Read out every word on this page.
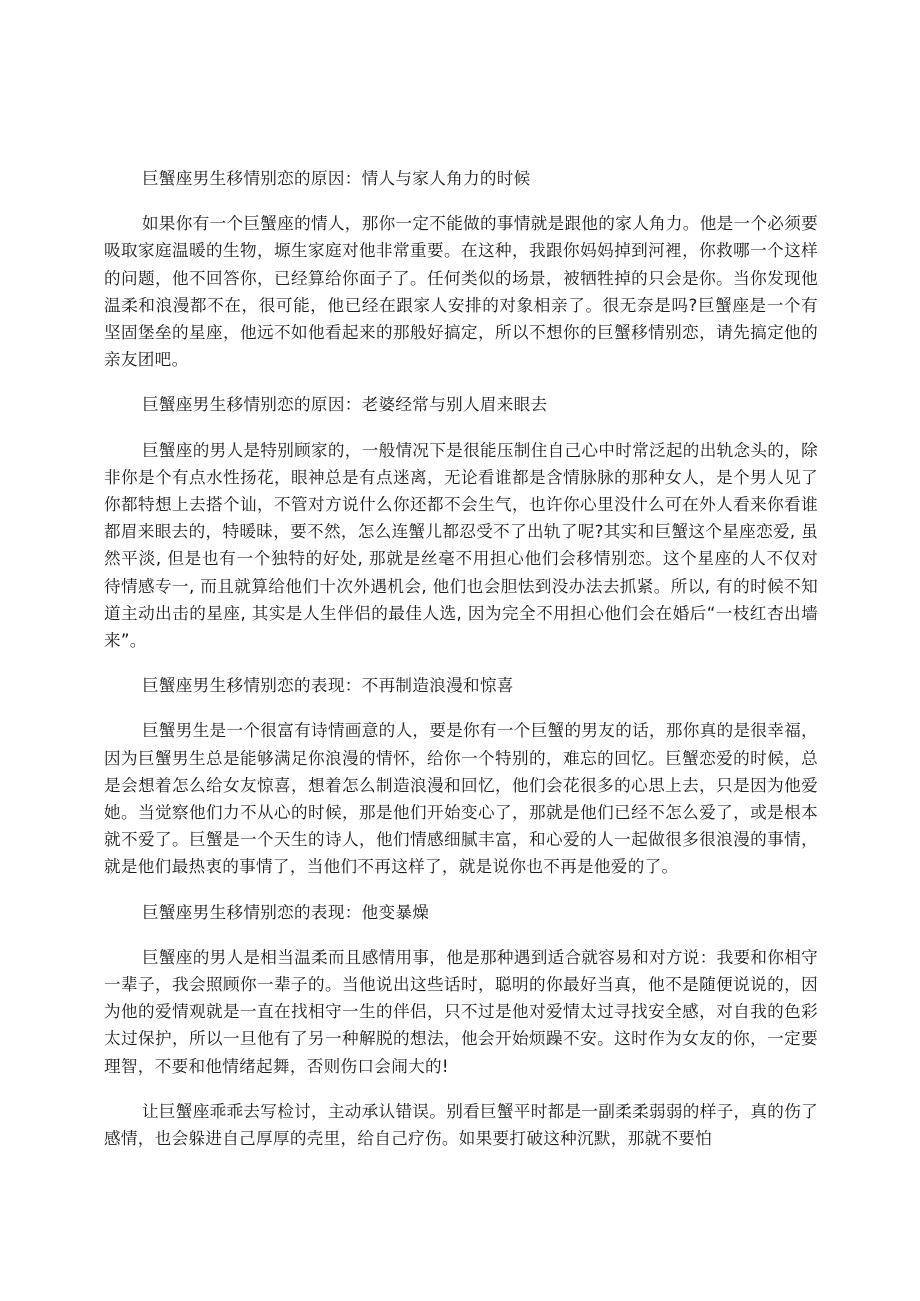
巨蟹座男生移情别恋的原因：情人与家人角力的时候

如果你有一个巨蟹座的情人，那你一定不能做的事情就是跟他的家人角力。他是一个必须要吸取家庭温暖的生物，塬生家庭对他非常重要。在这种，我跟你妈妈掉到河裡，你救哪一个这样的问题，他不回答你，已经算给你面子了。任何类似的场景，被牺牲掉的只会是你。当你发现他温柔和浪漫都不在，很可能，他已经在跟家人安排的对象相亲了。很无奈是吗?巨蟹座是一个有坚固堡垒的星座，他远不如他看起来的那般好搞定，所以不想你的巨蟹移情别恋，请先搞定他的亲友团吧。

巨蟹座男生移情别恋的原因：老婆经常与别人眉来眼去

巨蟹座的男人是特别顾家的，一般情况下是很能压制住自己心中时常泛起的出轨念头的，除非你是个有点水性扬花，眼神总是有点迷离，无论看谁都是含情脉脉的那种女人，是个男人见了你都特想上去搭个讪，不管对方说什么你还都不会生气，也许你心里没什么可在外人看来你看谁都眉来眼去的，特暖昧，要不然，怎么连蟹儿都忍受不了出轨了呢?其实和巨蟹这个星座恋爱, 虽然平淡, 但是也有一个独特的好处, 那就是丝毫不用担心他们会移情别恋。这个星座的人不仅对待情感专一, 而且就算给他们十次外遇机会, 他们也会胆怯到没办法去抓紧。所以, 有的时候不知道主动出击的星座, 其实是人生伴侣的最佳人选, 因为完全不用担心他们会在婚后“一枝红杏出墙来”。

巨蟹座男生移情别恋的表现：不再制造浪漫和惊喜

巨蟹男生是一个很富有诗情画意的人，要是你有一个巨蟹的男友的话，那你真的是很幸福，因为巨蟹男生总是能够满足你浪漫的情怀，给你一个特别的，难忘的回忆。巨蟹恋爱的时候，总是会想着怎么给女友惊喜，想着怎么制造浪漫和回忆，他们会花很多的心思上去，只是因为他爱她。当觉察他们力不从心的时候，那是他们开始变心了，那就是他们已经不怎么爱了，或是根本就不爱了。巨蟹是一个天生的诗人，他们情感细腻丰富，和心爱的人一起做很多很浪漫的事情，就是他们最热衷的事情了，当他们不再这样了，就是说你也不再是他爱的了。

巨蟹座男生移情别恋的表现：他变暴燥

巨蟹座的男人是相当温柔而且感情用事，他是那种遇到适合就容易和对方说：我要和你相守一辈子，我会照顾你一辈子的。当他说出这些话时，聪明的你最好当真，他不是随便说说的，因为他的爱情观就是一直在找相守一生的伴侣，只不过是他对爱情太过寻找安全感，对自我的色彩太过保护，所以一旦他有了另一种解脱的想法，他会开始烦躁不安。这时作为女友的你，一定要理智，不要和他情绪起舞，否则伤口会闹大的!

让巨蟹座乖乖去写检讨，主动承认错误。别看巨蟹平时都是一副柔柔弱弱的样子，真的伤了感情，也会躲进自己厚厚的壳里，给自己疗伤。如果要打破这种沉默，那就不要怕
